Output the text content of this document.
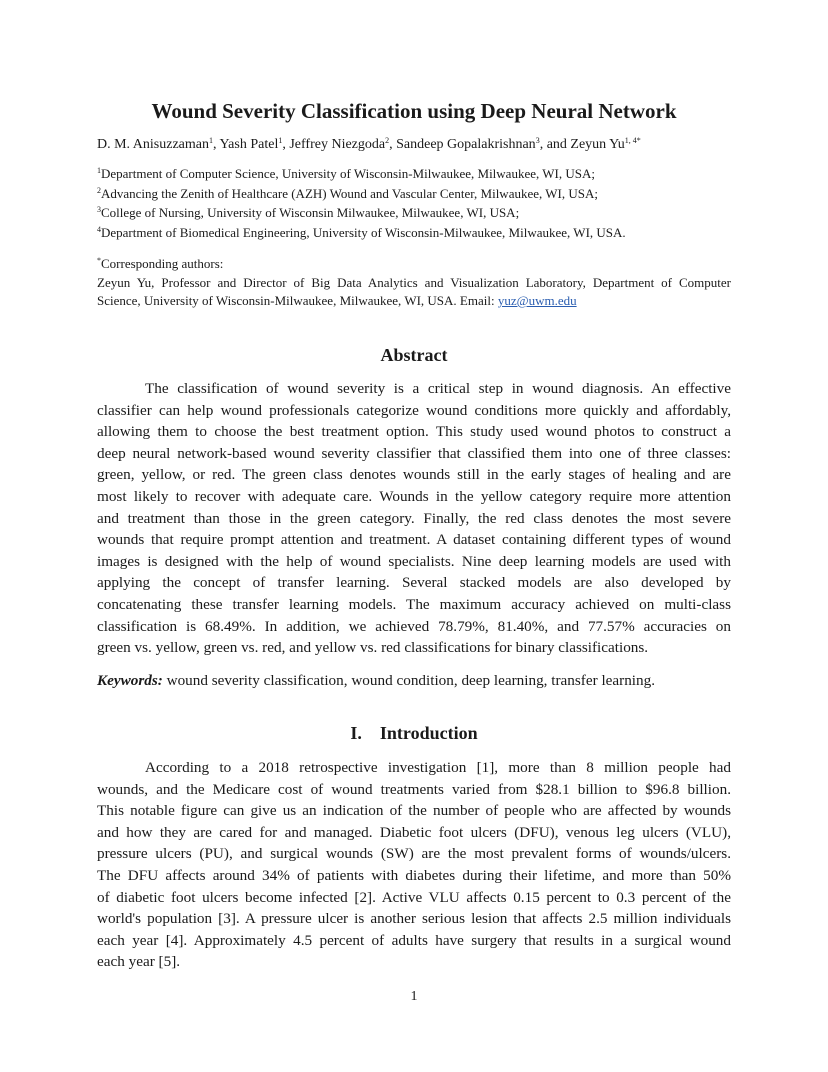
Wound Severity Classification using Deep Neural Network
D. M. Anisuzzaman$^1$, Yash Patel$^1$, Jeffrey Niezgoda$^2$, Sandeep Gopalakrishnan$^3$, and Zeyun $Yu^{1, 4*}$
$^1$Department of Computer Science, University of Wisconsin-Milwaukee, Milwaukee, WI, USA;
$^2$Advancing the Zenith of Healthcare (AZH) Wound and Vascular Center, Milwaukee, WI, USA;
$^3$College of Nursing, University of Wisconsin Milwaukee, Milwaukee, WI, USA;
$^4$Department of Biomedical Engineering, University of Wisconsin-Milwaukee, Milwaukee, WI, USA.
*Corresponding authors:
Zeyun Yu, Professor and Director of Big Data Analytics and Visualization Laboratory, Department of Computer
Science, University of Wisconsin-Milwaukee, Milwaukee, WI, USA. Email: yuz@uwm.edu
Abstract
The classification of wound severity is a critical step in wound diagnosis. An effective
classifier can help wound professionals categorize wound conditions more quickly and affordably,
allowing them to choose the best treatment option. This study used wound photos to construct a
deep neural network-based wound severity classifier that classified them into one of three classes:
green, yellow, or red. The green class denotes wounds still in the early stages of healing and are
most likely to recover with adequate care. Wounds in the yellow category require more attention
and treatment than those in the green category. Finally, the red class denotes the most severe
wounds that require prompt attention and treatment. A dataset containing different types of wound
images is designed with the help of wound specialists. Nine deep learning models are used with
applying the concept of transfer learning. Several stacked models are also developed by
concatenating these transfer learning models. The maximum accuracy achieved on multi-class
classification is 68.49%. In addition, we achieved 78.79%, 81.40%, and 77.57% accuracies on
green vs. yellow, green vs. red, and yellow vs. red classifications for binary classifications.
Keywords: wound severity classification, wound condition, deep learning, transfer learning.
I. Introduction
According to a 2018 retrospective investigation [1], more than 8 million people had
wounds, and the Medicare cost of wound treatments varied from $28.1 billion to $96.8 billion.
This notable figure can give us an indication of the number of people who are affected by wounds
and how they are cared for and managed. Diabetic foot ulcers (DFU), venous leg ulcers (VLU),
pressure ulcers (PU), and surgical wounds (SW) are the most prevalent forms of wounds/ulcers.
The DFU affects around 34% of patients with diabetes during their lifetime, and more than 50%
of diabetic foot ulcers become infected [2]. Active VLU affects 0.15 percent to 0.3 percent of the
world's population [3]. A pressure ulcer is another serious lesion that affects 2.5 million individuals
each year [4]. Approximately 4.5 percent of adults have surgery that results in a surgical wound
each year [5].
1
